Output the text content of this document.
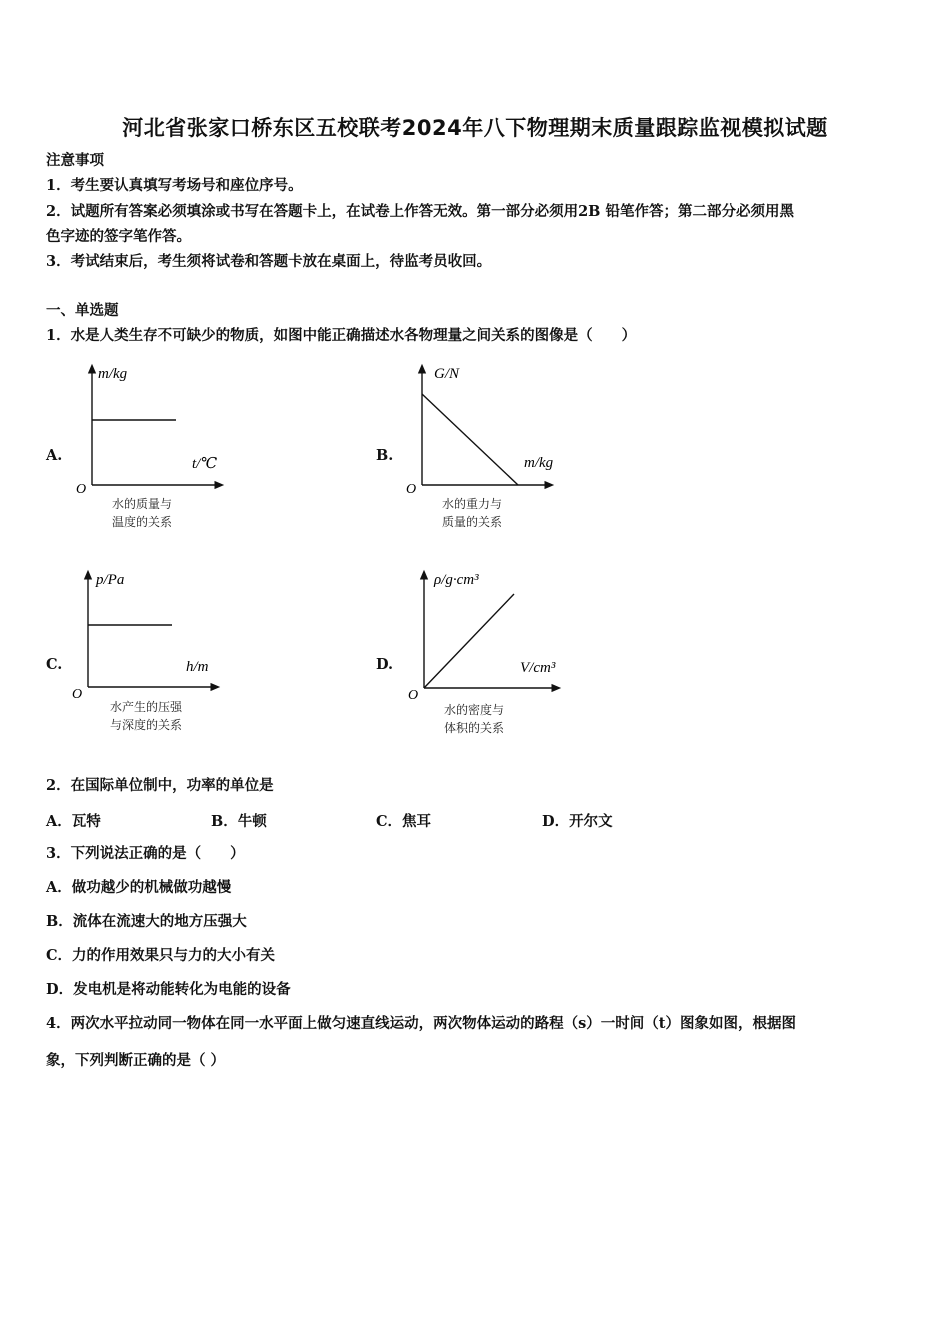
河北省张家口桥东区五校联考2024年八下物理期末质量跟踪监视模拟试题
注意事项
1．考生要认真填写考场号和座位序号。
2．试题所有答案必须填涂或书写在答题卡上，在试卷上作答无效。第一部分必须用2B 铅笔作答；第二部分必须用黑
色字迹的签字笔作答。
3．考试结束后，考生须将试卷和答题卡放在桌面上，待监考员收回。
一、单选题
1．水是人类生存不可缺少的物质，如图中能正确描述水各物理量之间关系的图像是（　　）
A.
m/kg
t/℃
O
水的质量与
温度的关系
B.
G/N
m/kg
O
水的重力与
质量的关系
C.
p/Pa
h/m
O
水产生的压强
与深度的关系
D.
ρ/g·cm³
V/cm³
O
水的密度与
体积的关系
2．在国际单位制中，功率的单位是
A．瓦特	B．牛顿	C．焦耳	D．开尔文
3．下列说法正确的是（　　）
A．做功越少的机械做功越慢
B．流体在流速大的地方压强大
C．力的作用效果只与力的大小有关
D．发电机是将动能转化为电能的设备
4．两次水平拉动同一物体在同一水平面上做匀速直线运动，两次物体运动的路程（s）一时间（t）图象如图，根据图
象，下列判断正确的是（ ）
